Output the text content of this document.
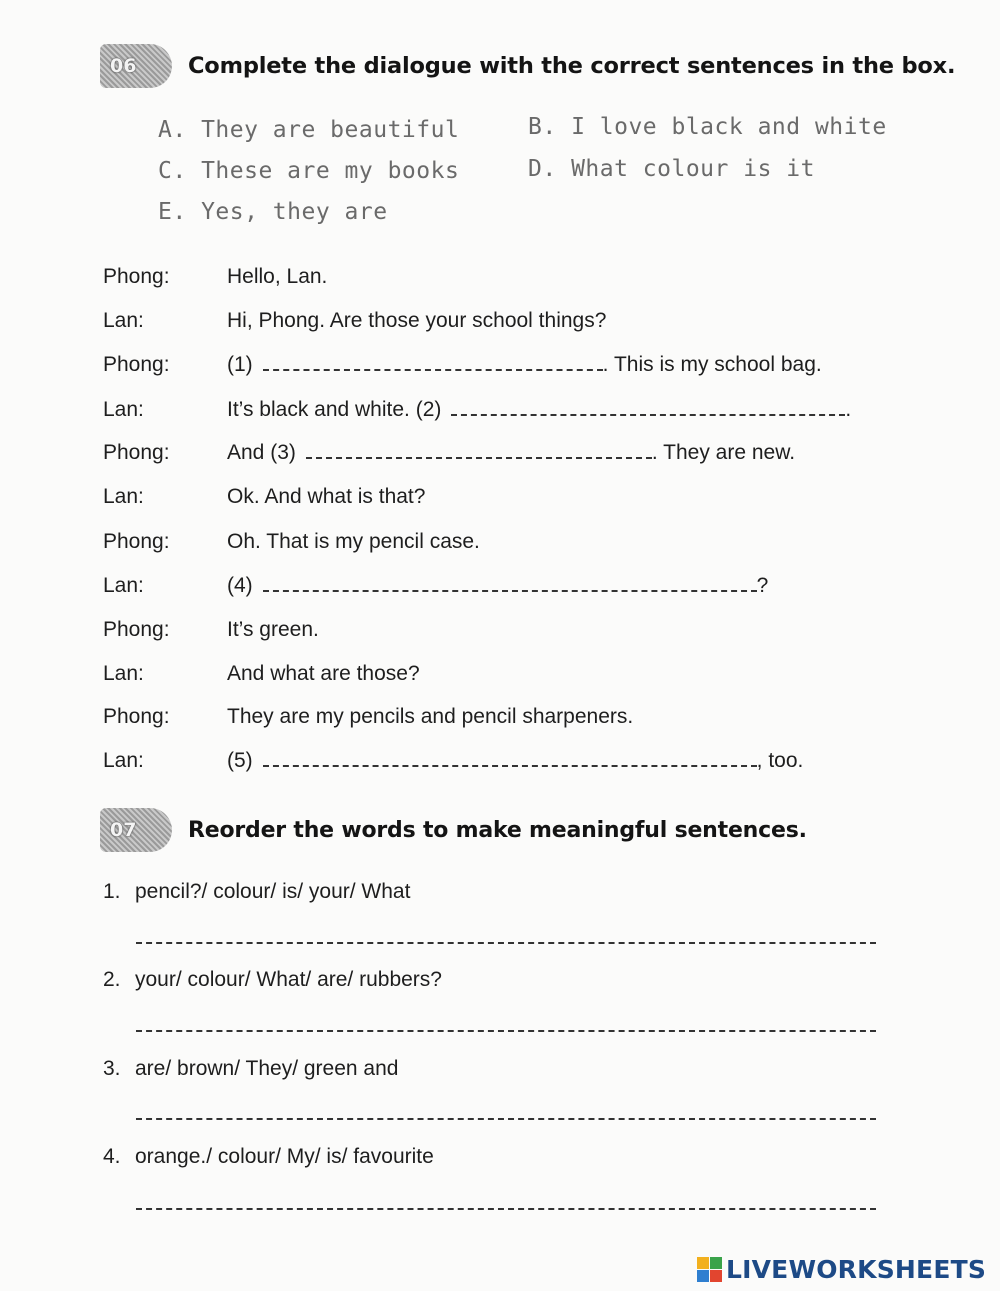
06	Complete the dialogue with the correct sentences in the box.
A. They are beautiful	B. I love black and white
C. These are my books	D. What colour is it
E. Yes, they are
Phong:	Hello, Lan.
Lan:	Hi, Phong. Are those your school things?
Phong:	(1)	. This is my school bag.
Lan:	It’s black and white. (2)	.
Phong:	And (3)	. They are new.
Lan:	Ok. And what is that?
Phong:	Oh. That is my pencil case.
Lan:	(4)	?
Phong:	It’s green.
Lan:	And what are those?
Phong:	They are my pencils and pencil sharpeners.
Lan:	(5)	, too.
07	Reorder the words to make meaningful sentences.
1. pencil?/ colour/ is/ your/ What
2. your/ colour/ What/ are/ rubbers?
3. are/ brown/ They/ green and
4. orange./ colour/ My/ is/ favourite
LIVEWORKSHEETS
